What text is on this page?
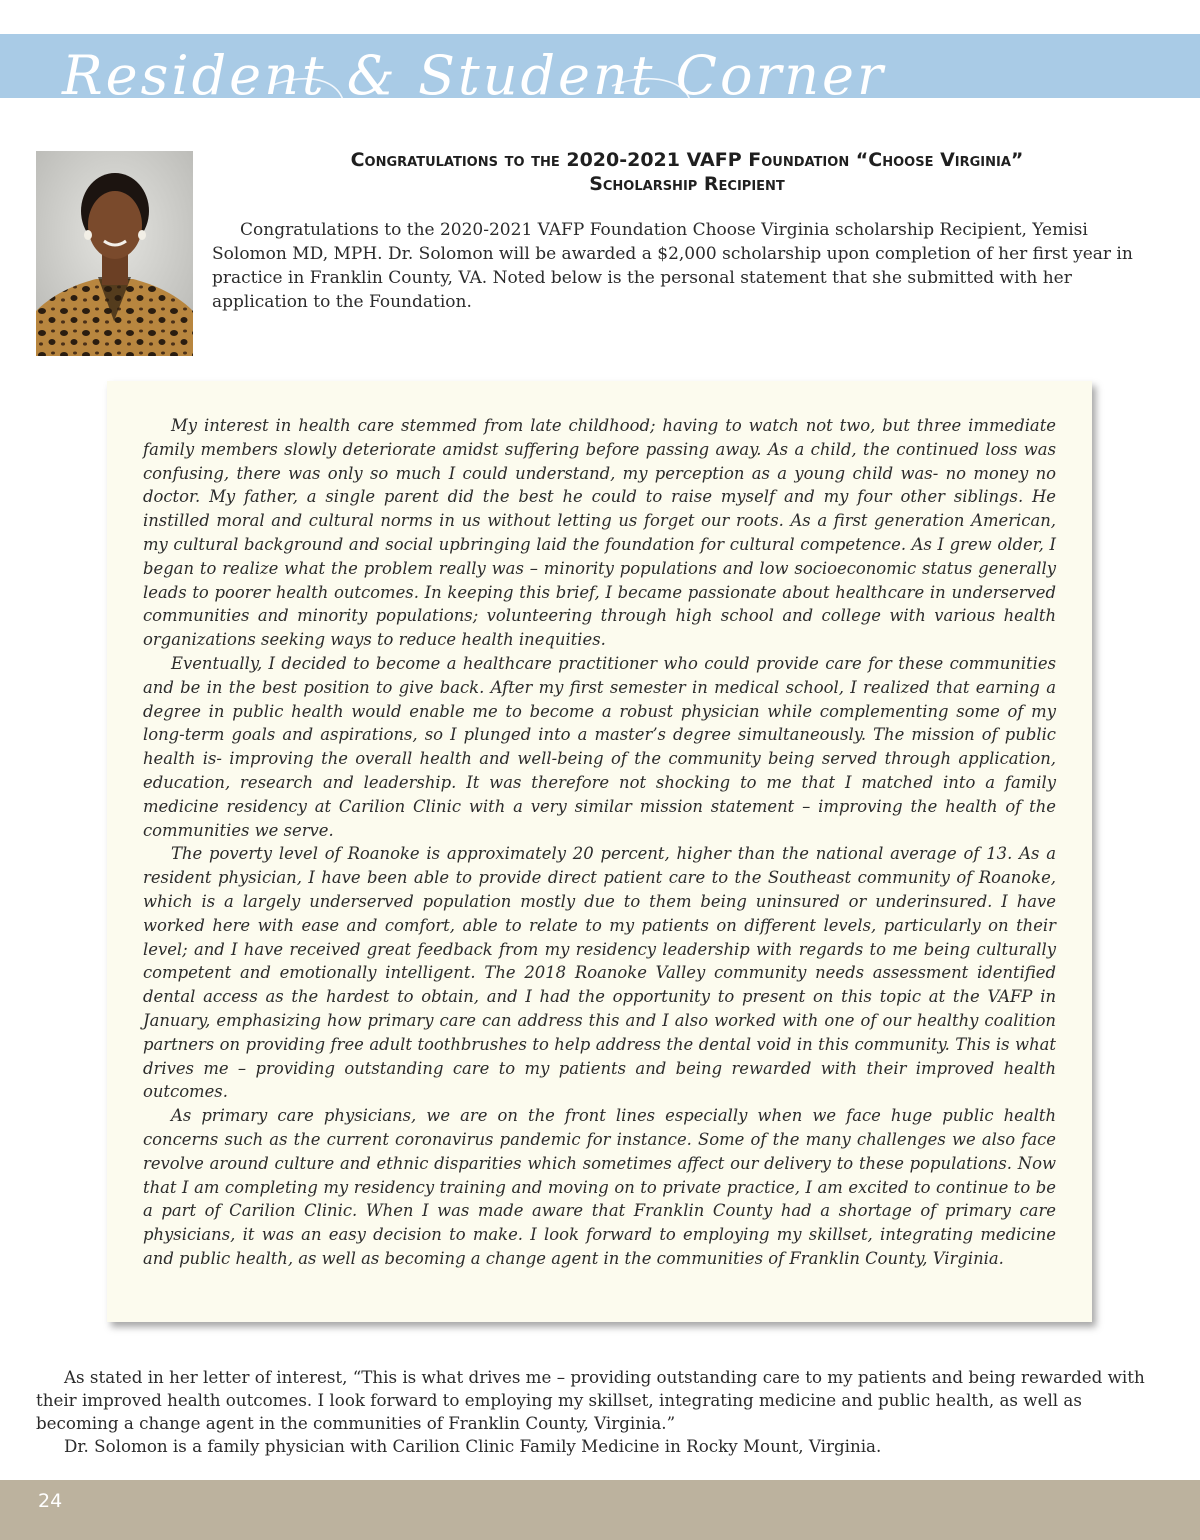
Resident & Student Corner
Congratulations to the 2020-2021 VAFP Foundation “Choose Virginia”
Scholarship Recipient

Congratulations to the 2020-2021 VAFP Foundation Choose Virginia scholarship Recipient, Yemisi Solomon MD, MPH. Dr. Solomon will be awarded a $2,000 scholarship upon completion of her first year in practice in Franklin County, VA. Noted below is the personal statement that she submitted with her application to the Foundation.

My interest in health care stemmed from late childhood; having to watch not two, but three immediate family members slowly deteriorate amidst suffering before passing away. As a child, the continued loss was confusing, there was only so much I could understand, my perception as a young child was- no money no doctor. My father, a single parent did the best he could to raise myself and my four other siblings. He instilled moral and cultural norms in us without letting us forget our roots. As a first generation American, my cultural background and social upbringing laid the foundation for cultural competence. As I grew older, I began to realize what the problem really was – minority populations and low socioeconomic status generally leads to poorer health outcomes. In keeping this brief, I became passionate about healthcare in underserved communities and minority populations; volunteering through high school and college with various health organizations seeking ways to reduce health inequities.

Eventually, I decided to become a healthcare practitioner who could provide care for these communities and be in the best position to give back. After my first semester in medical school, I realized that earning a degree in public health would enable me to become a robust physician while complementing some of my long-term goals and aspirations, so I plunged into a master’s degree simultaneously. The mission of public health is- improving the overall health and well-being of the community being served through application, education, research and leadership. It was therefore not shocking to me that I matched into a family medicine residency at Carilion Clinic with a very similar mission statement – improving the health of the communities we serve.

The poverty level of Roanoke is approximately 20 percent, higher than the national average of 13. As a resident physician, I have been able to provide direct patient care to the Southeast community of Roanoke, which is a largely underserved population mostly due to them being uninsured or underinsured. I have worked here with ease and comfort, able to relate to my patients on different levels, particularly on their level; and I have received great feedback from my residency leadership with regards to me being culturally competent and emotionally intelligent. The 2018 Roanoke Valley community needs assessment identified dental access as the hardest to obtain, and I had the opportunity to present on this topic at the VAFP in January, emphasizing how primary care can address this and I also worked with one of our healthy coalition partners on providing free adult toothbrushes to help address the dental void in this community. This is what drives me – providing outstanding care to my patients and being rewarded with their improved health outcomes.

As primary care physicians, we are on the front lines especially when we face huge public health concerns such as the current coronavirus pandemic for instance. Some of the many challenges we also face revolve around culture and ethnic disparities which sometimes affect our delivery to these populations. Now that I am completing my residency training and moving on to private practice, I am excited to continue to be a part of Carilion Clinic. When I was made aware that Franklin County had a shortage of primary care physicians, it was an easy decision to make. I look forward to employing my skillset, integrating medicine and public health, as well as becoming a change agent in the communities of Franklin County, Virginia.

As stated in her letter of interest, “This is what drives me – providing outstanding care to my patients and being rewarded with their improved health outcomes. I look forward to employing my skillset, integrating medicine and public health, as well as becoming a change agent in the communities of Franklin County, Virginia.”

Dr. Solomon is a family physician with Carilion Clinic Family Medicine in Rocky Mount, Virginia.

24
